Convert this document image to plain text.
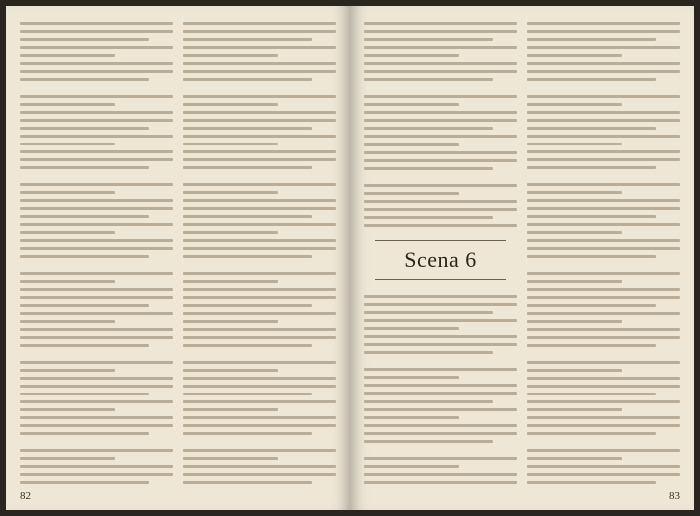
82
Scena 6
83
